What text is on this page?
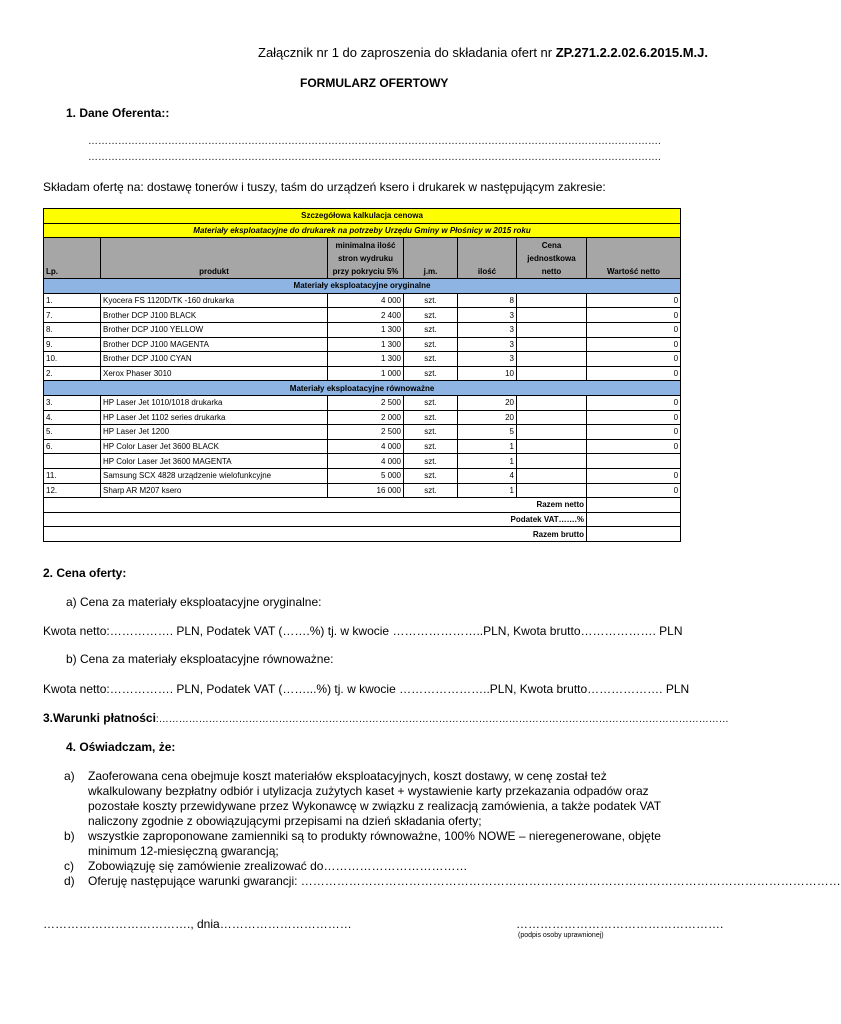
Załącznik nr 1 do zaproszenia do składania ofert nr ZP.271.2.2.02.6.2015.M.J.
FORMULARZ OFERTOWY
1. Dane Oferenta::
……………………………………………………………………………………………………………………………………………………….
……………………………………………………………………………………………………………………………………………………….
Składam ofertę na: dostawę tonerów i tuszy, taśm do urządzeń ksero i drukarek w następującym zakresie:
Szczegółowa kalkulacja cenowa						
Materiały eksploatacyjne do drukarek na potrzeby Urzędu Gminy w Płośnicy w 2015 roku						
Lp.	produkt	minimalna ilość stron wydruku przy pokryciu 5%	j.m.	ilość	Cena jednostkowa netto	Wartość netto
Materiały eksploatacyjne oryginalne						
1.	Kyocera FS 1120D/TK -160 drukarka	4 000	szt.	8		0
7.	Brother DCP J100 BLACK	2 400	szt.	3		0
8.	Brother DCP J100 YELLOW	1 300	szt.	3		0
9.	Brother DCP J100 MAGENTA	1 300	szt.	3		0
10.	Brother DCP J100 CYAN	1 300	szt.	3		0
2.	Xerox Phaser 3010	1 000	szt.	10		0
Materiały eksploatacyjne równoważne						
3.	HP Laser Jet 1010/1018 drukarka	2 500	szt.	20		0
4.	HP Laser Jet 1102 series drukarka	2 000	szt.	20		0
5.	HP Laser Jet 1200	2 500	szt.	5		0
6.	HP Color Laser Jet 3600 BLACK	4 000	szt.	1		0
	HP Color Laser Jet 3600 MAGENTA	4 000	szt.	1		
11.	Samsung SCX 4828 urządzenie wielofunkcyjne	5 000	szt.	4		0
12.	Sharp AR M207 ksero	16 000	szt.	1		0
Razem netto						
Podatek VAT…….%						
Razem brutto						
2. Cena oferty:
a) Cena za materiały eksploatacyjne oryginalne:
Kwota netto:……………. PLN, Podatek VAT (…….%) tj. w kwocie …………………..PLN, Kwota brutto………………. PLN
b) Cena za materiały eksploatacyjne równoważne:
Kwota netto:……………. PLN, Podatek VAT (……...%) tj. w kwocie …………………..PLN, Kwota brutto………………. PLN
3.Warunki płatności:………………………………………………………………………………………………………………………………………………………
4. Oświadczam, że:
a) Zaoferowana cena obejmuje koszt materiałów eksploatacyjnych, koszt dostawy, w cenę został też wkalkulowany bezpłatny odbiór i utylizacja zużytych kaset + wystawienie karty przekazania odpadów oraz pozostałe koszty przewidywane przez Wykonawcę w związku z realizacją zamówienia, a także podatek VAT naliczony zgodnie z obowiązującymi przepisami na dzień składania oferty;
b) wszystkie zaproponowane zamienniki są to produkty równoważne, 100% NOWE – nieregenerowane, objęte minimum 12-miesięczną gwarancją;
c) Zobowiązuję się zamówienie zrealizować do………………………………
d) Oferuję następujące warunki gwarancji: ………………………………………………………………………………………………………………………
………………………………., dnia……………………………	…………………………………………….
(podpis osoby uprawnionej)
